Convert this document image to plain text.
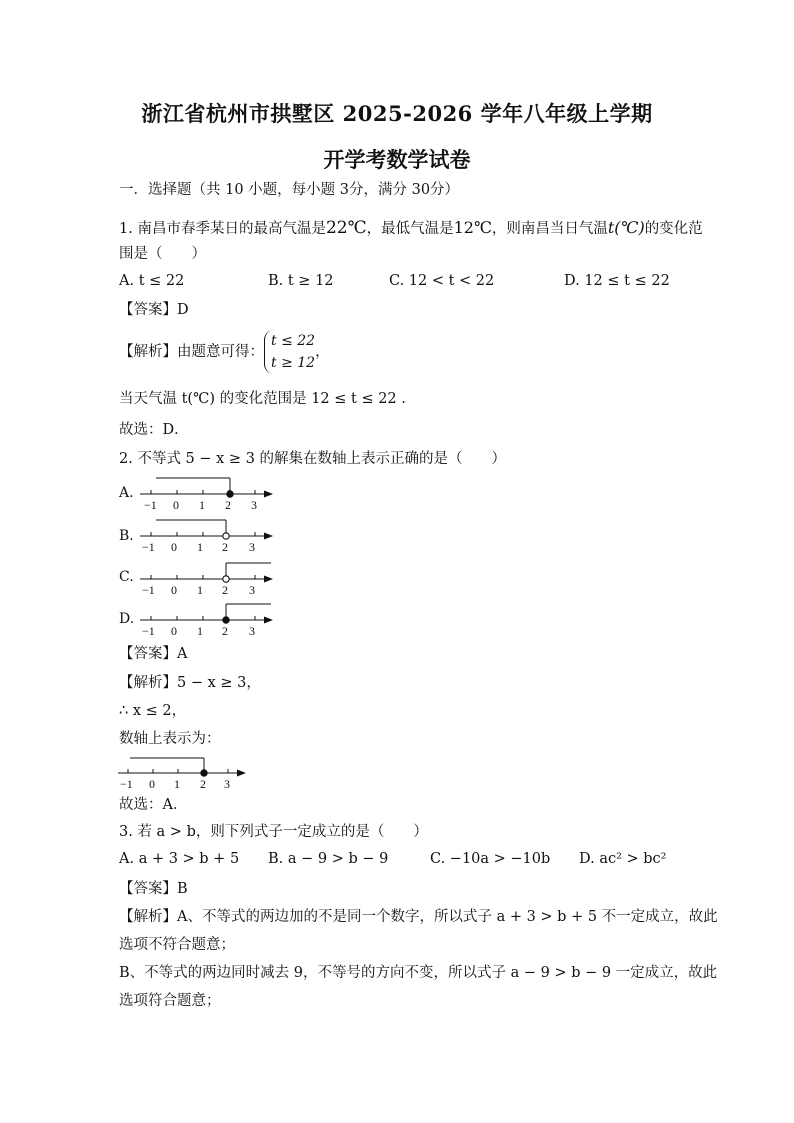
浙江省杭州市拱墅区 2025-2026 学年八年级上学期
开学考数学试卷
一．选择题（共 10 小题，每小题 3分，满分 30分）
1. 南昌市春季某日的最高气温是22℃，最低气温是12℃，则南昌当日气温t(℃)的变化范
围是（　　）
A. t ≤ 22	B. t ≥ 12	C. 12 < t < 22	D. 12 ≤ t ≤ 22
【答案】D
【解析】由题意可得：
t ≤ 22
t ≥ 12
，
当天气温 t(℃) 的变化范围是 12 ≤ t ≤ 22 .
故选：D．
2. 不等式 5 − x ≥ 3 的解集在数轴上表示正确的是（　　）
A.
−1 0 1 2 3
B.
−1 0 1 2 3
C.
−1 0 1 2 3
D.
−1 0 1 2 3
【答案】A
【解析】5 − x ≥ 3，
∴ x ≤ 2，
数轴上表示为：
−1 0 1 2 3
故选：A．
3. 若 a > b，则下列式子一定成立的是（　　）
A. a + 3 > b + 5 B. a − 9 > b − 9	C. −10a > −10b D. ac² > bc²
【答案】B
【解析】A、不等式的两边加的不是同一个数字，所以式子 a + 3 > b + 5 不一定成立，故此
选项不符合题意；
B、不等式的两边同时减去 9，不等号的方向不变，所以式子 a − 9 > b − 9 一定成立，故此
选项符合题意；
